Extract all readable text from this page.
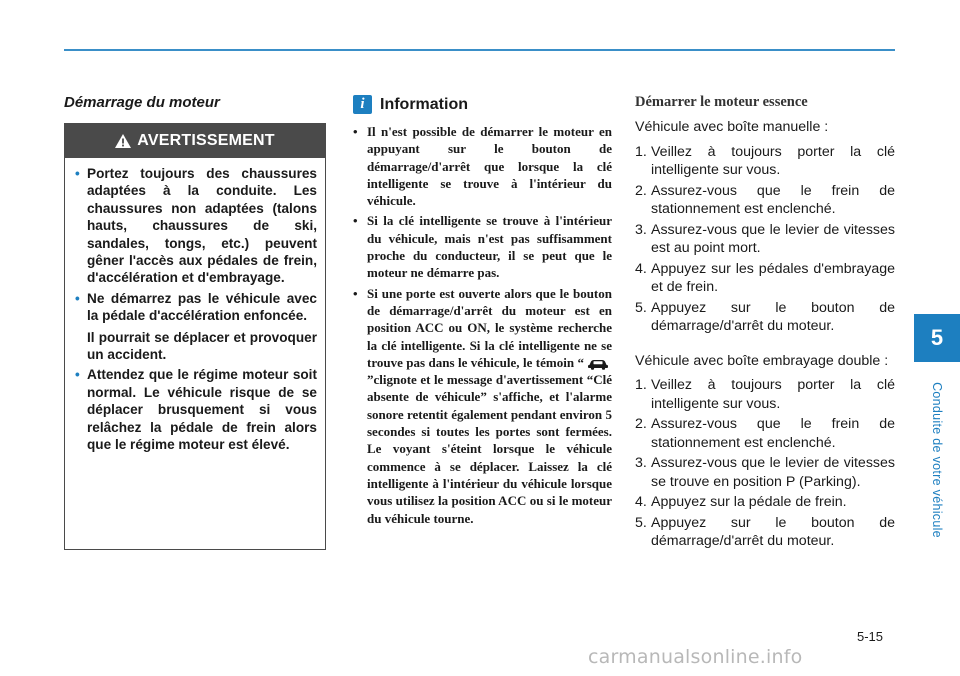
Démarrage du moteur
AVERTISSEMENT
• Portez toujours des chaussures adaptées à la conduite. Les chaussures non adaptées (talons hauts, chaussures de ski, sandales, tongs, etc.) peuvent gêner l'accès aux pédales de frein, d'accélération et d'embrayage.
• Ne démarrez pas le véhicule avec la pédale d'accélération enfoncée.
Il pourrait se déplacer et provoquer un accident.
• Attendez que le régime moteur soit normal. Le véhicule risque de se déplacer brusquement si vous relâchez la pédale de frein alors que le régime moteur est élevé.
i Information
• Il n'est possible de démarrer le moteur en appuyant sur le bouton de démarrage/d'arrêt que lorsque la clé intelligente se trouve à l'intérieur du véhicule.
• Si la clé intelligente se trouve à l'intérieur du véhicule, mais n'est pas suffisamment proche du conducteur, il se peut que le moteur ne démarre pas.
• Si une porte est ouverte alors que le bouton de démarrage/d'arrêt du moteur est en position ACC ou ON, le système recherche la clé intelligente. Si la clé intelligente ne se trouve pas dans le véhicule, le témoin “”clignote et le message d'avertissement “Clé absente de véhicule” s'affiche, et l'alarme sonore retentit également pendant environ 5 secondes si toutes les portes sont fermées. Le voyant s'éteint lorsque le véhicule commence à se déplacer. Laissez la clé intelligente à l'intérieur du véhicule lorsque vous utilisez la position ACC ou si le moteur du véhicule tourne.
Démarrer le moteur essence
Véhicule avec boîte manuelle :
1. Veillez à toujours porter la clé intelligente sur vous.
2. Assurez-vous que le frein de stationnement est enclenché.
3. Assurez-vous que le levier de vitesses est au point mort.
4. Appuyez sur les pédales d'embrayage et de frein.
5. Appuyez sur le bouton de démarrage/d'arrêt du moteur.
Véhicule avec boîte embrayage double :
1. Veillez à toujours porter la clé intelligente sur vous.
2. Assurez-vous que le frein de stationnement est enclenché.
3. Assurez-vous que le levier de vitesses se trouve en position P (Parking).
4. Appuyez sur la pédale de frein.
5. Appuyez sur le bouton de démarrage/d'arrêt du moteur.
5
Conduite de votre véhicule
5-15
carmanualsonline.info
